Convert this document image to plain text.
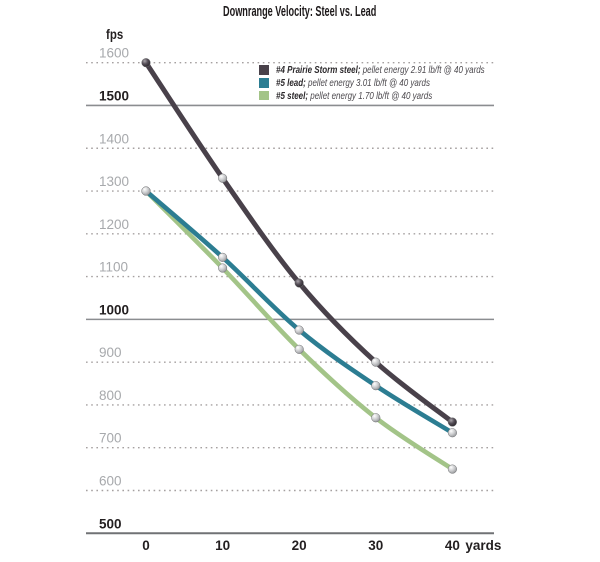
1600
1500
1400
1300
1200
1100
1000
900
800
700
600
500
0	10	20	30	40 yards
Downrange Velocity: Steel vs. Lead
fps
#4 Prairie Storm steel; pellet energy 2.91 lb/ft @ 40 yards
#5 lead; pellet energy 3.01 lb/ft @ 40 yards
#5 steel; pellet energy 1.70 lb/ft @ 40 yards
